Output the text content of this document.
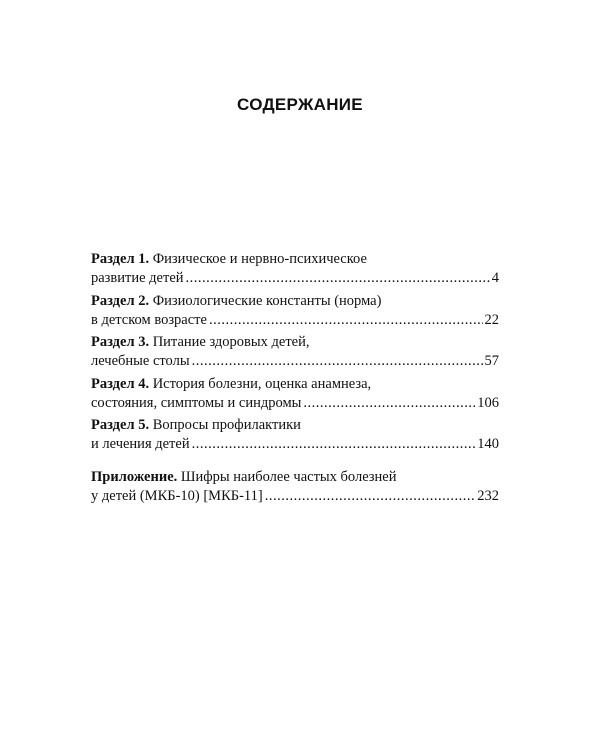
СОДЕРЖАНИЕ
Раздел 1.
Физическое и нервно-психическое
развитие детей .....	4
Раздел 2.
Физиологические константы (норма)
в детском возрасте .....	22
Раздел 3.
Питание здоровых детей,
лечебные столы .....	57
Раздел 4.
История болезни, оценка анамнеза,
состояния, симптомы и синдромы .....	106
Раздел 5.
Вопросы профилактики
и лечения детей .....	140
Приложение.
Шифры наиболее частых болезней
у детей (МКБ-10) [МКБ-11] .....	232
